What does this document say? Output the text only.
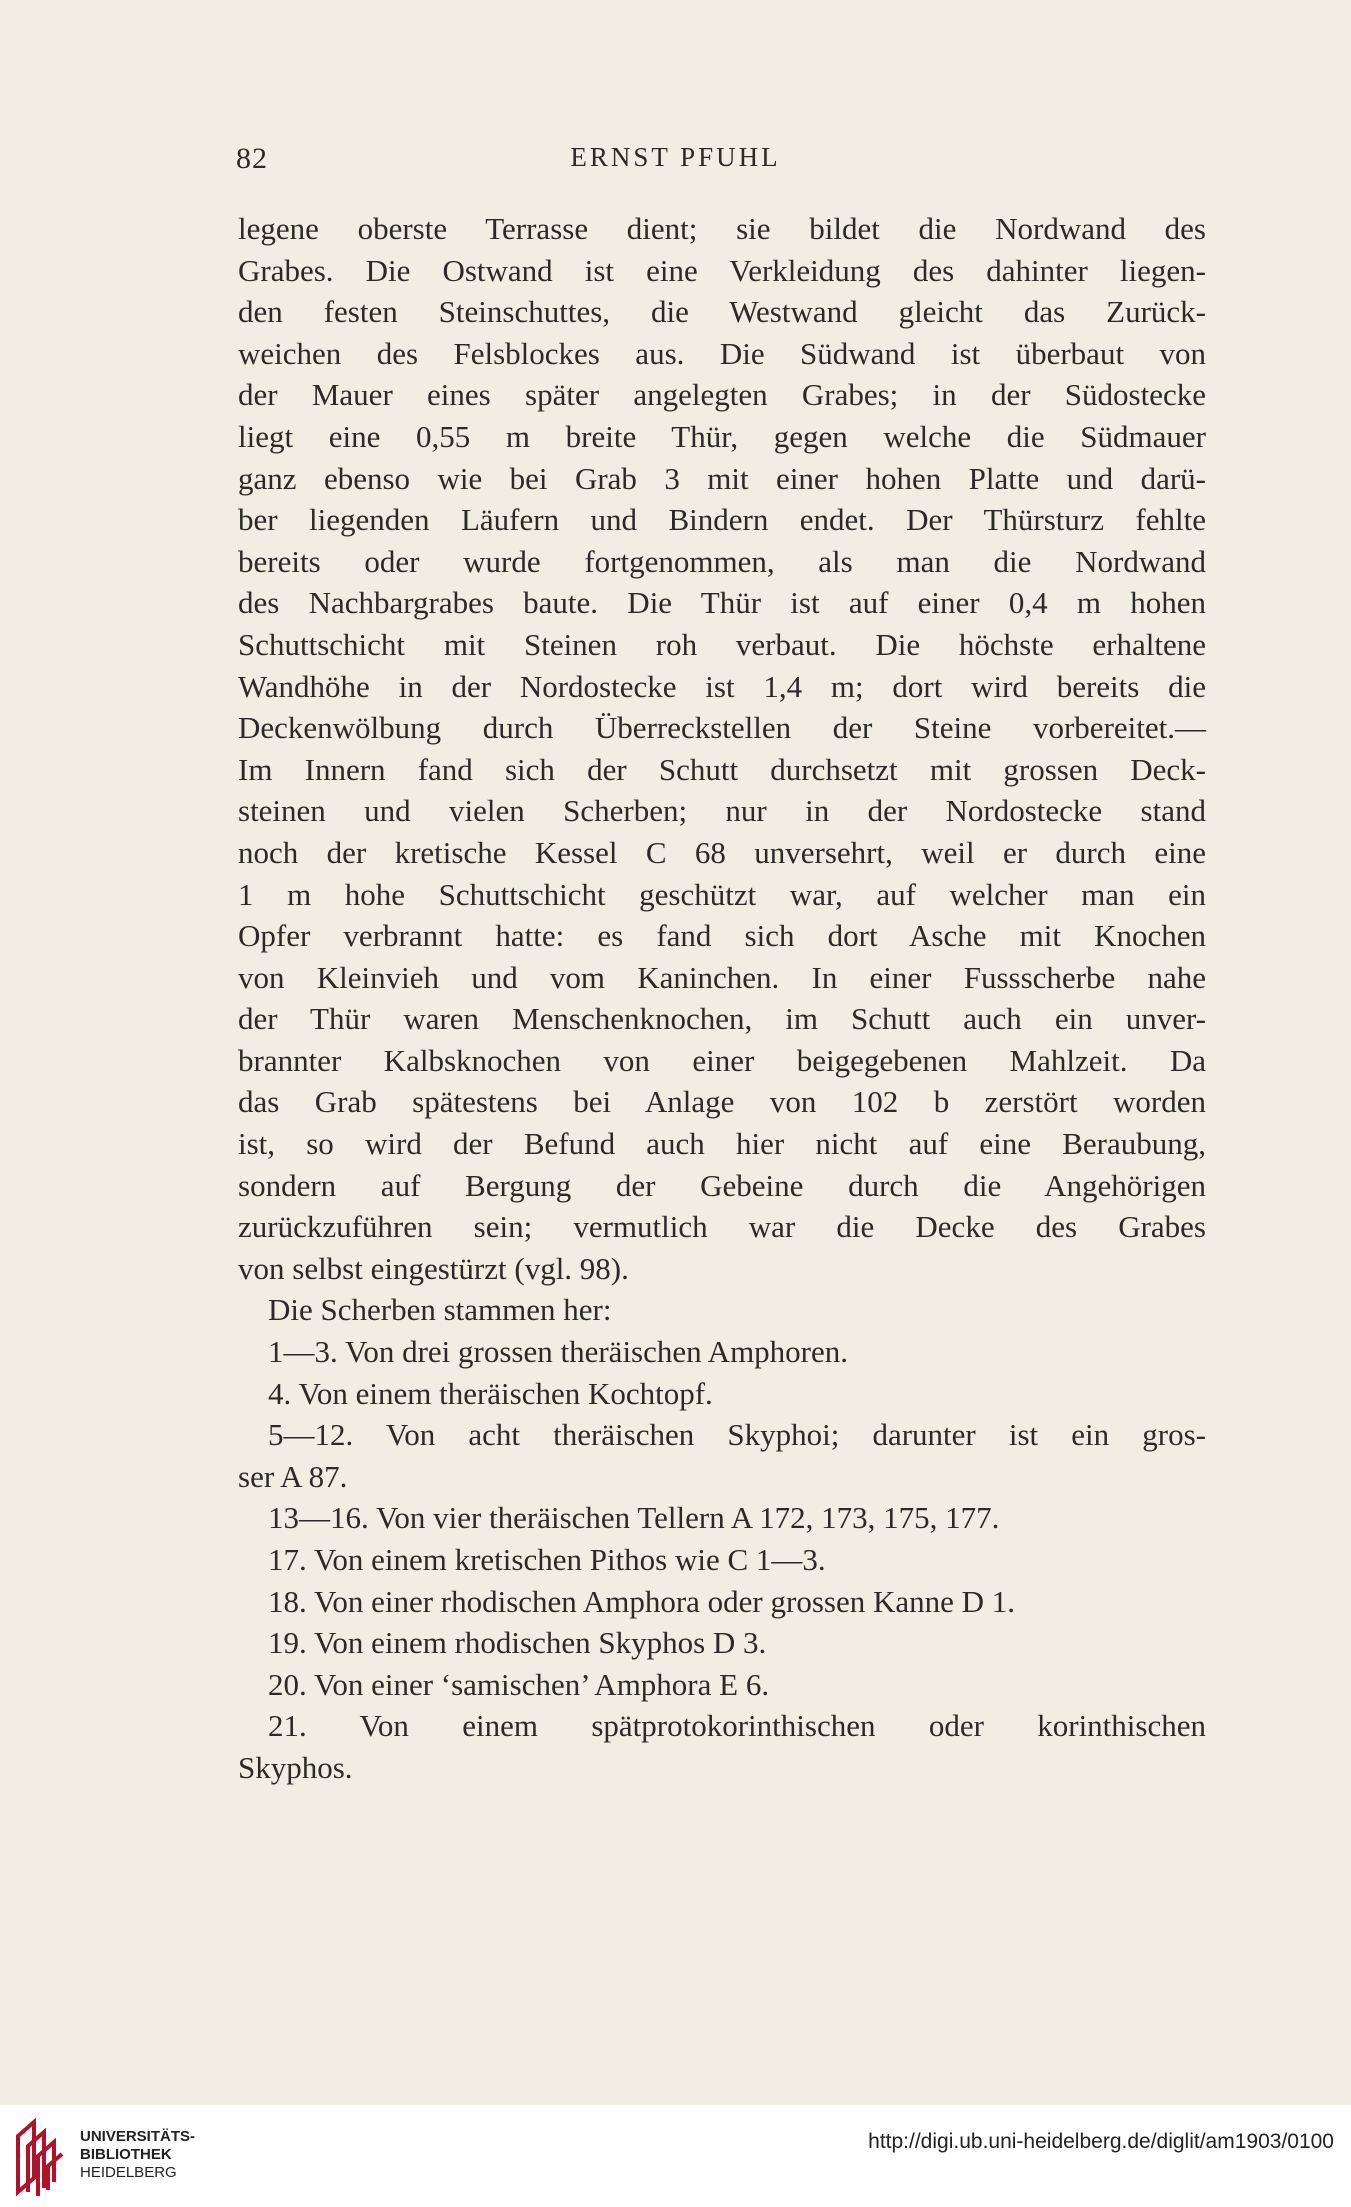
82	ERNST PFUHL
legene oberste Terrasse dient; sie bildet die Nordwand des
Grabes. Die Ostwand ist eine Verkleidung des dahinter liegen-
den festen Steinschuttes, die Westwand gleicht das Zurück-
weichen des Felsblockes aus. Die Südwand ist überbaut von
der Mauer eines später angelegten Grabes; in der Südostecke
liegt eine 0,55 m breite Thür, gegen welche die Südmauer
ganz ebenso wie bei Grab 3 mit einer hohen Platte und darü-
ber liegenden Läufern und Bindern endet. Der Thürsturz fehlte
bereits oder wurde fortgenommen, als man die Nordwand
des Nachbargrabes baute. Die Thür ist auf einer 0,4 m hohen
Schuttschicht mit Steinen roh verbaut. Die höchste erhaltene
Wandhöhe in der Nordostecke ist 1,4 m; dort wird bereits die
Deckenwölbung durch Überreckstellen der Steine vorbereitet.—
Im Innern fand sich der Schutt durchsetzt mit grossen Deck-
steinen und vielen Scherben; nur in der Nordostecke stand
noch der kretische Kessel C 68 unversehrt, weil er durch eine
1 m hohe Schuttschicht geschützt war, auf welcher man ein
Opfer verbrannt hatte: es fand sich dort Asche mit Knochen
von Kleinvieh und vom Kaninchen. In einer Fussscherbe nahe
der Thür waren Menschenknochen, im Schutt auch ein unver-
brannter Kalbsknochen von einer beigegebenen Mahlzeit. Da
das Grab spätestens bei Anlage von 102 b zerstört worden
ist, so wird der Befund auch hier nicht auf eine Beraubung,
sondern auf Bergung der Gebeine durch die Angehörigen
zurückzuführen sein; vermutlich war die Decke des Grabes
von selbst eingestürzt (vgl. 98).
Die Scherben stammen her:
1—3. Von drei grossen theräischen Amphoren.
4. Von einem theräischen Kochtopf.
5—12. Von acht theräischen Skyphoi; darunter ist ein gros-
ser A 87.
13—16. Von vier theräischen Tellern A 172, 173, 175, 177.
17. Von einem kretischen Pithos wie C 1—3.
18. Von einer rhodischen Amphora oder grossen Kanne D 1.
19. Von einem rhodischen Skyphos D 3.
20. Von einer ‘samischen’ Amphora E 6.
21. Von einem spätprotokorinthischen oder korinthischen
Skyphos.
UNIVERSITÄTS-
BIBLIOTHEK
HEIDELBERG
http://digi.ub.uni-heidelberg.de/diglit/am1903/0100
